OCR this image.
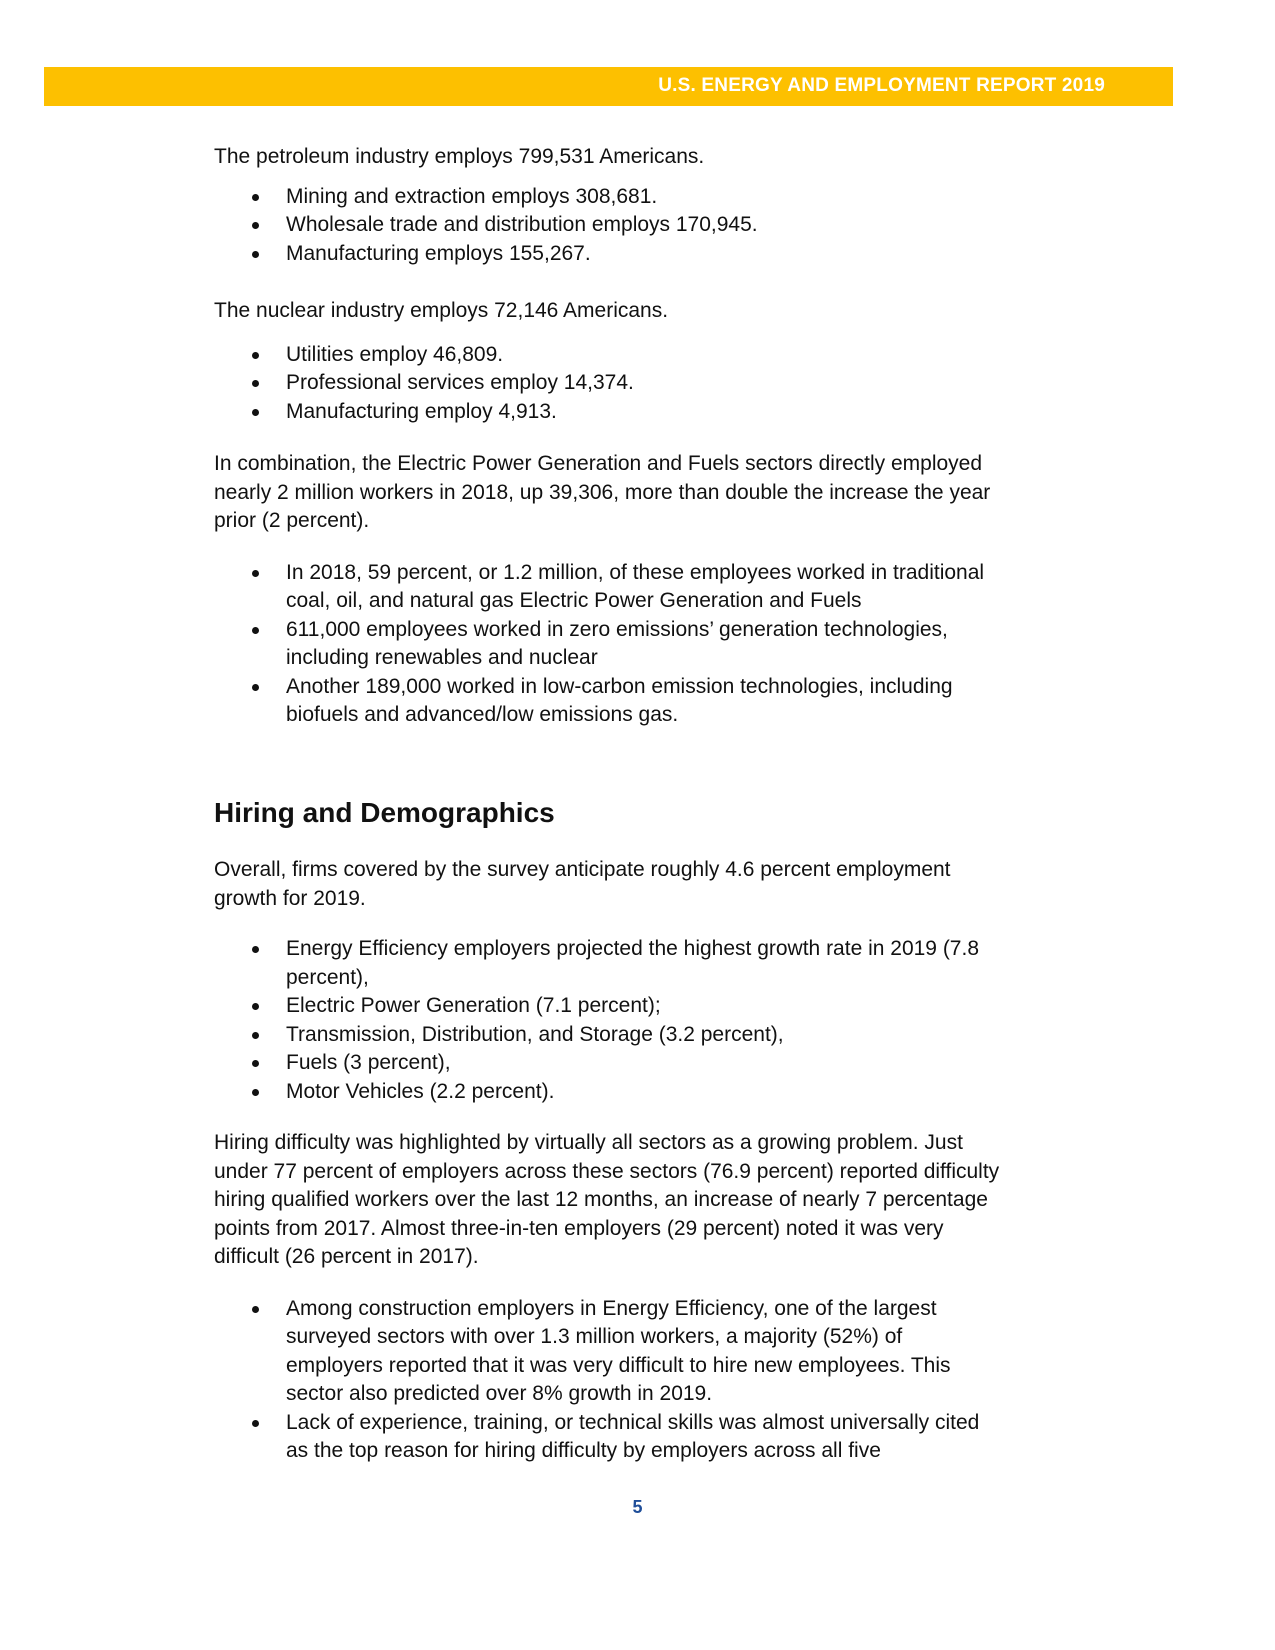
U.S. ENERGY AND EMPLOYMENT REPORT 2019

The petroleum industry employs 799,531 Americans.

Mining and extraction employs 308,681.
Wholesale trade and distribution employs 170,945.
Manufacturing employs 155,267.

The nuclear industry employs 72,146 Americans.

Utilities employ 46,809.
Professional services employ 14,374.
Manufacturing employ 4,913.

In combination, the Electric Power Generation and Fuels sectors directly employed nearly 2 million workers in 2018, up 39,306, more than double the increase the year prior (2 percent).

In 2018, 59 percent, or 1.2 million, of these employees worked in traditional coal, oil, and natural gas Electric Power Generation and Fuels
611,000 employees worked in zero emissions’ generation technologies, including renewables and nuclear
Another 189,000 worked in low-carbon emission technologies, including biofuels and advanced/low emissions gas.
Hiring and Demographics

Overall, firms covered by the survey anticipate roughly 4.6 percent employment growth for 2019.

Energy Efficiency employers projected the highest growth rate in 2019 (7.8 percent),
Electric Power Generation (7.1 percent);
Transmission, Distribution, and Storage (3.2 percent),
Fuels (3 percent),
Motor Vehicles (2.2 percent).

Hiring difficulty was highlighted by virtually all sectors as a growing problem. Just under 77 percent of employers across these sectors (76.9 percent) reported difficulty hiring qualified workers over the last 12 months, an increase of nearly 7 percentage points from 2017. Almost three-in-ten employers (29 percent) noted it was very difficult (26 percent in 2017).

Among construction employers in Energy Efficiency, one of the largest surveyed sectors with over 1.3 million workers, a majority (52%) of employers reported that it was very difficult to hire new employees. This sector also predicted over 8% growth in 2019.
Lack of experience, training, or technical skills was almost universally cited as the top reason for hiring difficulty by employers across all five
5
